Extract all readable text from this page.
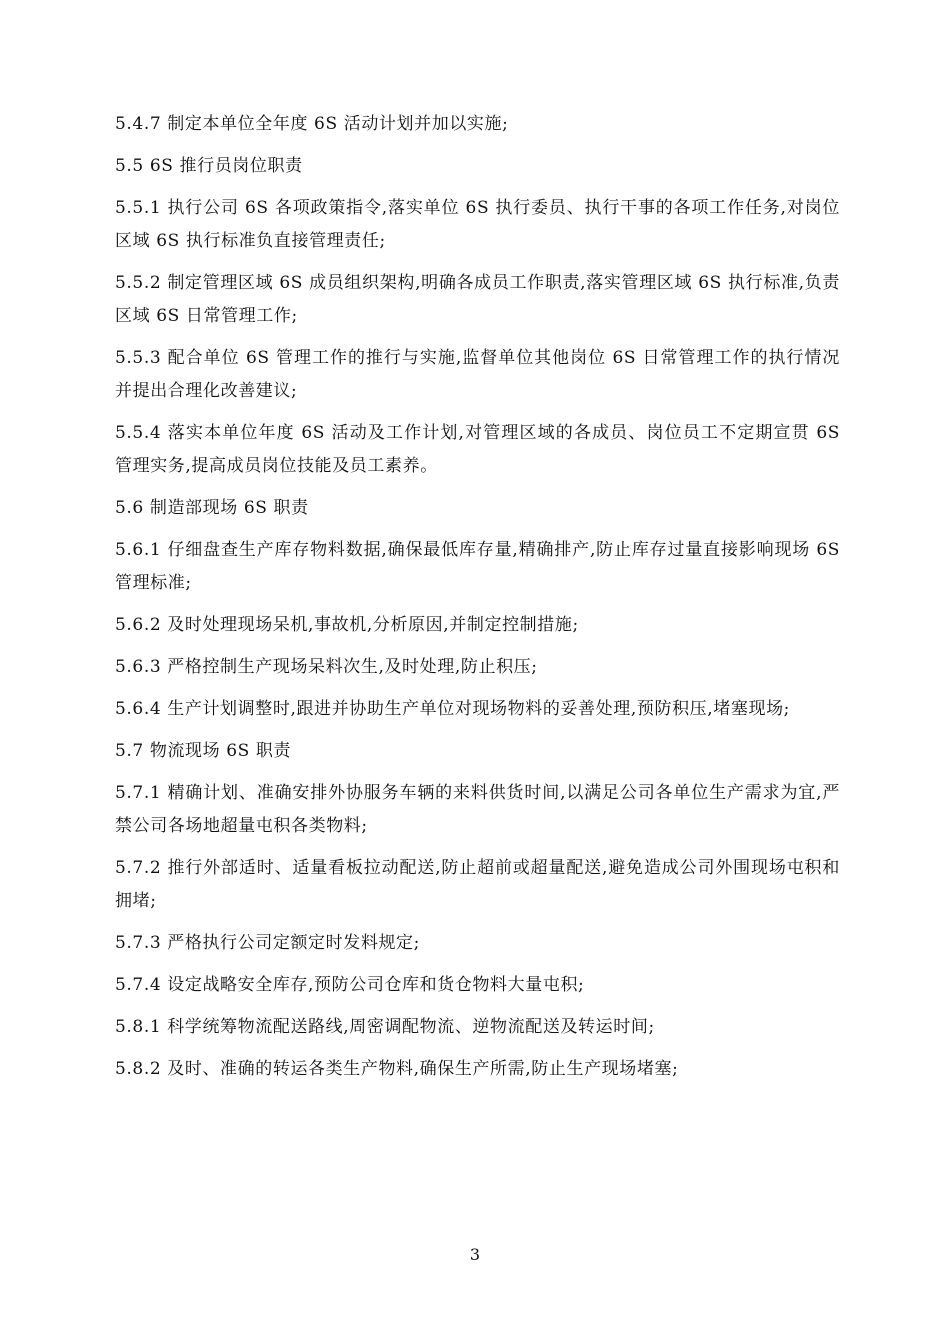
5.4.7 制定本单位全年度 6S 活动计划并加以实施;

5.5 6S 推行员岗位职责

5.5.1 执行公司 6S 各项政策指令,落实单位 6S 执行委员、执行干事的各项工作任务,对岗位区域 6S 执行标准负直接管理责任;

5.5.2 制定管理区域 6S 成员组织架构,明确各成员工作职责,落实管理区域 6S 执行标准,负责区域 6S 日常管理工作;

5.5.3 配合单位 6S 管理工作的推行与实施,监督单位其他岗位 6S 日常管理工作的执行情况并提出合理化改善建议;

5.5.4 落实本单位年度 6S 活动及工作计划,对管理区域的各成员、岗位员工不定期宣贯 6S 管理实务,提高成员岗位技能及员工素养。

5.6 制造部现场 6S 职责

5.6.1 仔细盘查生产库存物料数据,确保最低库存量,精确排产,防止库存过量直接影响现场 6S 管理标准;

5.6.2 及时处理现场呆机,事故机,分析原因,并制定控制措施;

5.6.3 严格控制生产现场呆料次生,及时处理,防止积压;

5.6.4 生产计划调整时,跟进并协助生产单位对现场物料的妥善处理,预防积压,堵塞现场;

5.7 物流现场 6S 职责

5.7.1 精确计划、准确安排外协服务车辆的来料供货时间,以满足公司各单位生产需求为宜,严禁公司各场地超量屯积各类物料;

5.7.2 推行外部适时、适量看板拉动配送,防止超前或超量配送,避免造成公司外围现场屯积和拥堵;

5.7.3 严格执行公司定额定时发料规定;

5.7.4 设定战略安全库存,预防公司仓库和货仓物料大量屯积;

5.8.1 科学统筹物流配送路线,周密调配物流、逆物流配送及转运时间;

5.8.2 及时、准确的转运各类生产物料,确保生产所需,防止生产现场堵塞;

3
